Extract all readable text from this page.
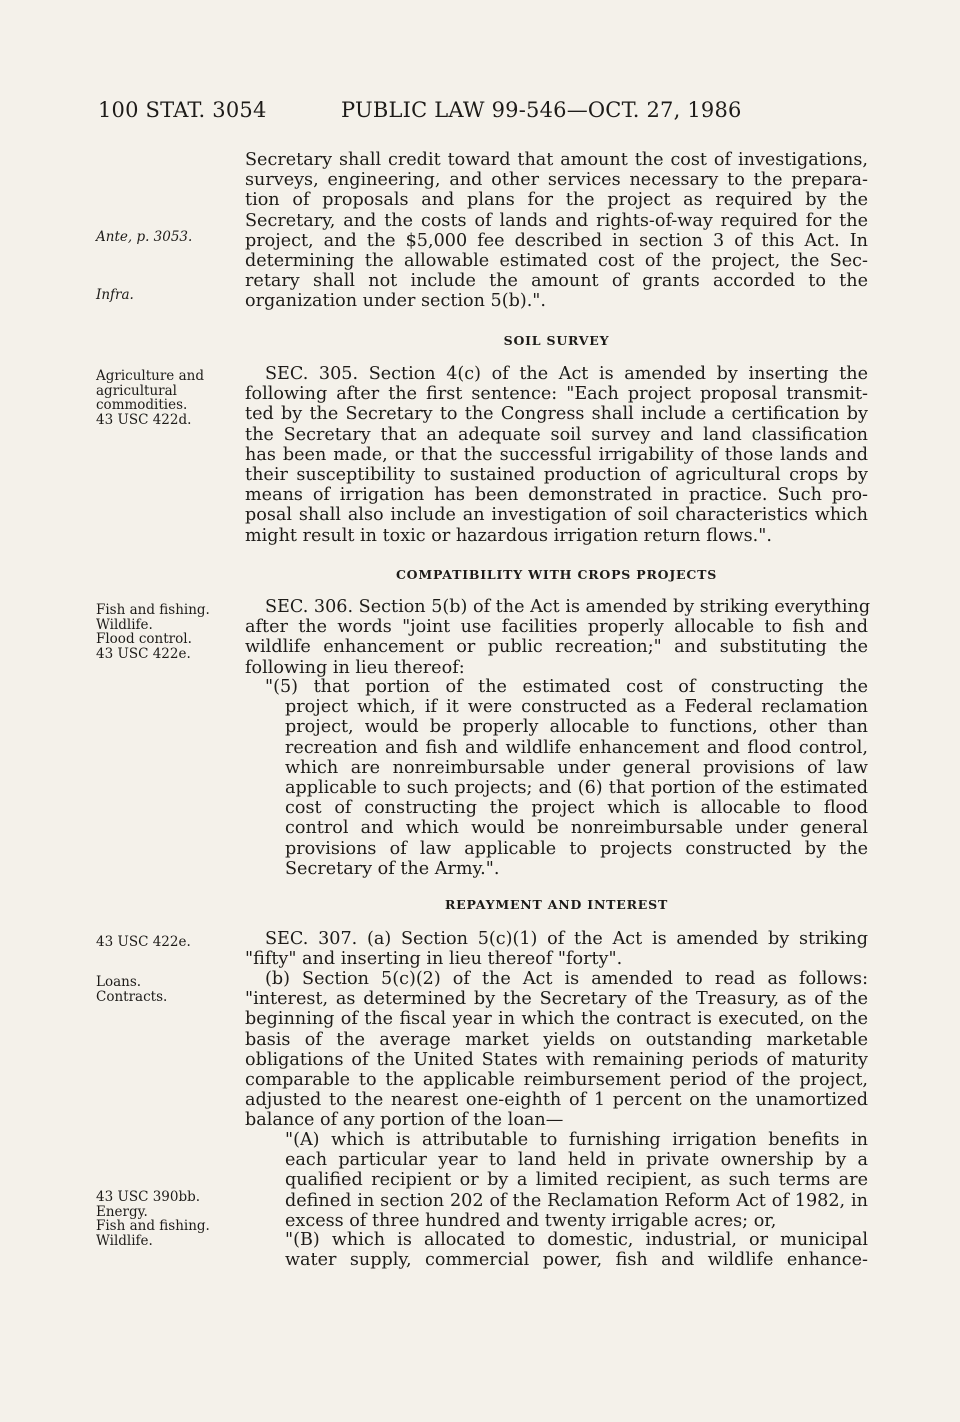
100 STAT. 3054	PUBLIC LAW 99-546—OCT. 27, 1986
Ante, p. 3053.
Infra.
Agriculture and
agricultural
commodities.
43 USC 422d.
Fish and fishing.
Wildlife.
Flood control.
43 USC 422e.
43 USC 422e.
Loans.
Contracts.
43 USC 390bb.
Energy.
Fish and fishing.
Wildlife.
Secretary shall credit toward that amount the cost of investigations,
surveys, engineering, and other services necessary to the prepara-
tion of proposals and plans for the project as required by the
Secretary, and the costs of lands and rights-of-way required for the
project, and the $5,000 fee described in section 3 of this Act. In
determining the allowable estimated cost of the project, the Sec-
retary shall not include the amount of grants accorded to the
organization under section 5(b).".
SOIL SURVEY
SEC. 305. Section 4(c) of the Act is amended by inserting the
following after the first sentence: "Each project proposal transmit-
ted by the Secretary to the Congress shall include a certification by
the Secretary that an adequate soil survey and land classification
has been made, or that the successful irrigability of those lands and
their susceptibility to sustained production of agricultural crops by
means of irrigation has been demonstrated in practice. Such pro-
posal shall also include an investigation of soil characteristics which
might result in toxic or hazardous irrigation return flows.".
COMPATIBILITY WITH CROPS PROJECTS
SEC. 306. Section 5(b) of the Act is amended by striking everything
after the words "joint use facilities properly allocable to fish and
wildlife enhancement or public recreation;" and substituting the
following in lieu thereof:
"(5) that portion of the estimated cost of constructing the
project which, if it were constructed as a Federal reclamation
project, would be properly allocable to functions, other than
recreation and fish and wildlife enhancement and flood control,
which are nonreimbursable under general provisions of law
applicable to such projects; and (6) that portion of the estimated
cost of constructing the project which is allocable to flood
control and which would be nonreimbursable under general
provisions of law applicable to projects constructed by the
Secretary of the Army.".
REPAYMENT AND INTEREST
SEC. 307. (a) Section 5(c)(1) of the Act is amended by striking
"fifty" and inserting in lieu thereof "forty".
(b) Section 5(c)(2) of the Act is amended to read as follows:
"interest, as determined by the Secretary of the Treasury, as of the
beginning of the fiscal year in which the contract is executed, on the
basis of the average market yields on outstanding marketable
obligations of the United States with remaining periods of maturity
comparable to the applicable reimbursement period of the project,
adjusted to the nearest one-eighth of 1 percent on the unamortized
balance of any portion of the loan—
"(A) which is attributable to furnishing irrigation benefits in
each particular year to land held in private ownership by a
qualified recipient or by a limited recipient, as such terms are
defined in section 202 of the Reclamation Reform Act of 1982, in
excess of three hundred and twenty irrigable acres; or,
"(B) which is allocated to domestic, industrial, or municipal
water supply, commercial power, fish and wildlife enhance-
